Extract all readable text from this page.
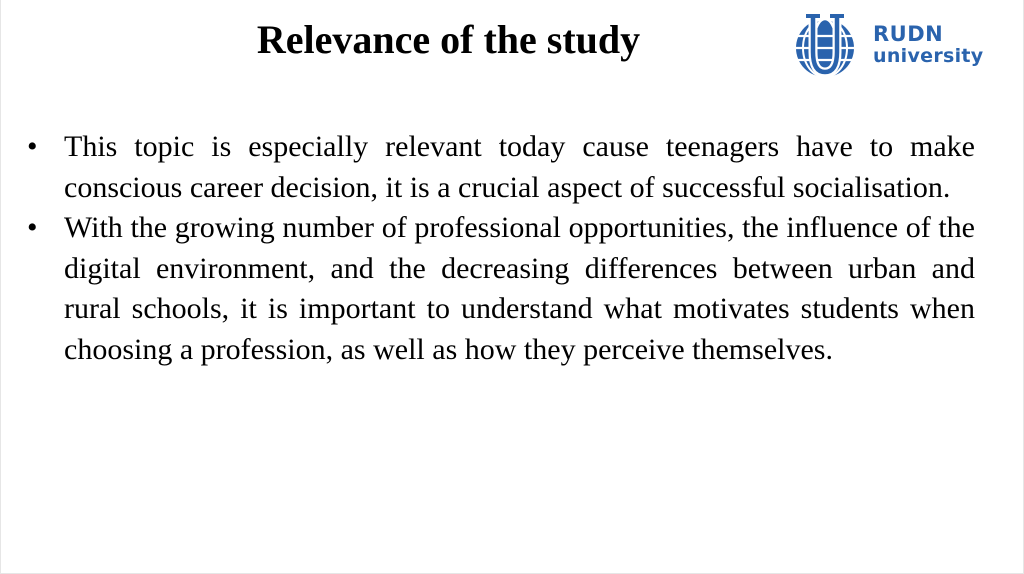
Relevance of the study	RUDN
university
• This topic is especially relevant today cause teenagers have to make conscious career decision, it is a crucial aspect of successful socialisation.
• With the growing number of professional opportunities, the influence of the digital environment, and the decreasing differences between urban and rural schools, it is important to understand what motivates students when choosing a profession, as well as how they perceive themselves.
